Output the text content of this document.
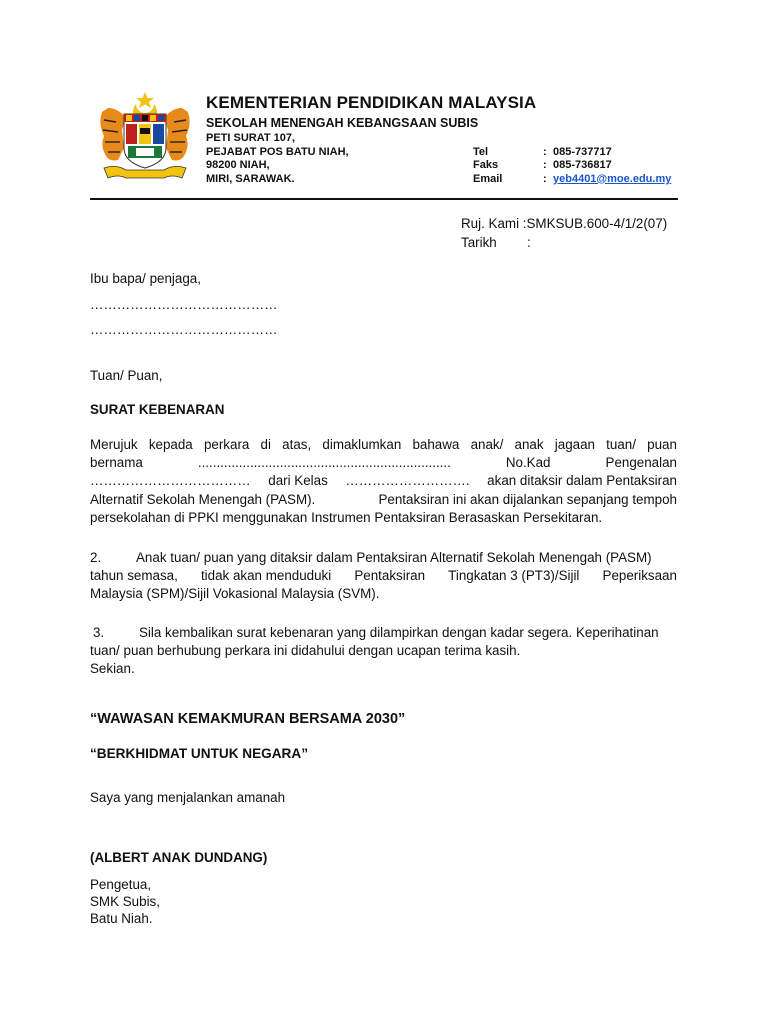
KEMENTERIAN PENDIDIKAN MALAYSIA
SEKOLAH MENENGAH KEBANGSAAN SUBIS
PETI SURAT 107,
PEJABAT POS BATU NIAH,
98200 NIAH,
MIRI, SARAWAK.
Tel	: 085-737717
Faks	: 085-736817
Email	: yeb4401@moe.edu.my
Ruj. Kami : SMKSUB.600-4/1/2(07)
Tarikh	:
Ibu bapa/ penjaga,
……………………………………
……………………………………
Tuan/ Puan,
SURAT KEBENARAN
Merujuk kepada perkara di atas, dimaklumkan bahawa anak/ anak jagaan tuan/ puan
bernama	....................................................................	No.Kad	Pengenalan
……………………………… dari Kelas ………………………. akan ditaksir dalam Pentaksiran
Alternatif Sekolah Menengah (PASM).	Pentaksiran ini akan dijalankan sepanjang tempoh
persekolahan di PPKI menggunakan Instrumen Pentaksiran Berasaskan Persekitaran.
2.	Anak tuan/ puan yang ditaksir dalam Pentaksiran Alternatif Sekolah Menengah (PASM)
tahun semasa, tidak akan menduduki Pentaksiran Tingkatan 3 (PT3)/Sijil Peperiksaan
Malaysia (SPM)/Sijil Vokasional Malaysia (SVM).
3.	Sila kembalikan surat kebenaran yang dilampirkan dengan kadar segera. Keperihatinan
tuan/ puan berhubung perkara ini didahului dengan ucapan terima kasih.
Sekian.
“WAWASAN KEMAKMURAN BERSAMA 2030”
“BERKHIDMAT UNTUK NEGARA”
Saya yang menjalankan amanah
(ALBERT ANAK DUNDANG)
Pengetua,
SMK Subis,
Batu Niah.
